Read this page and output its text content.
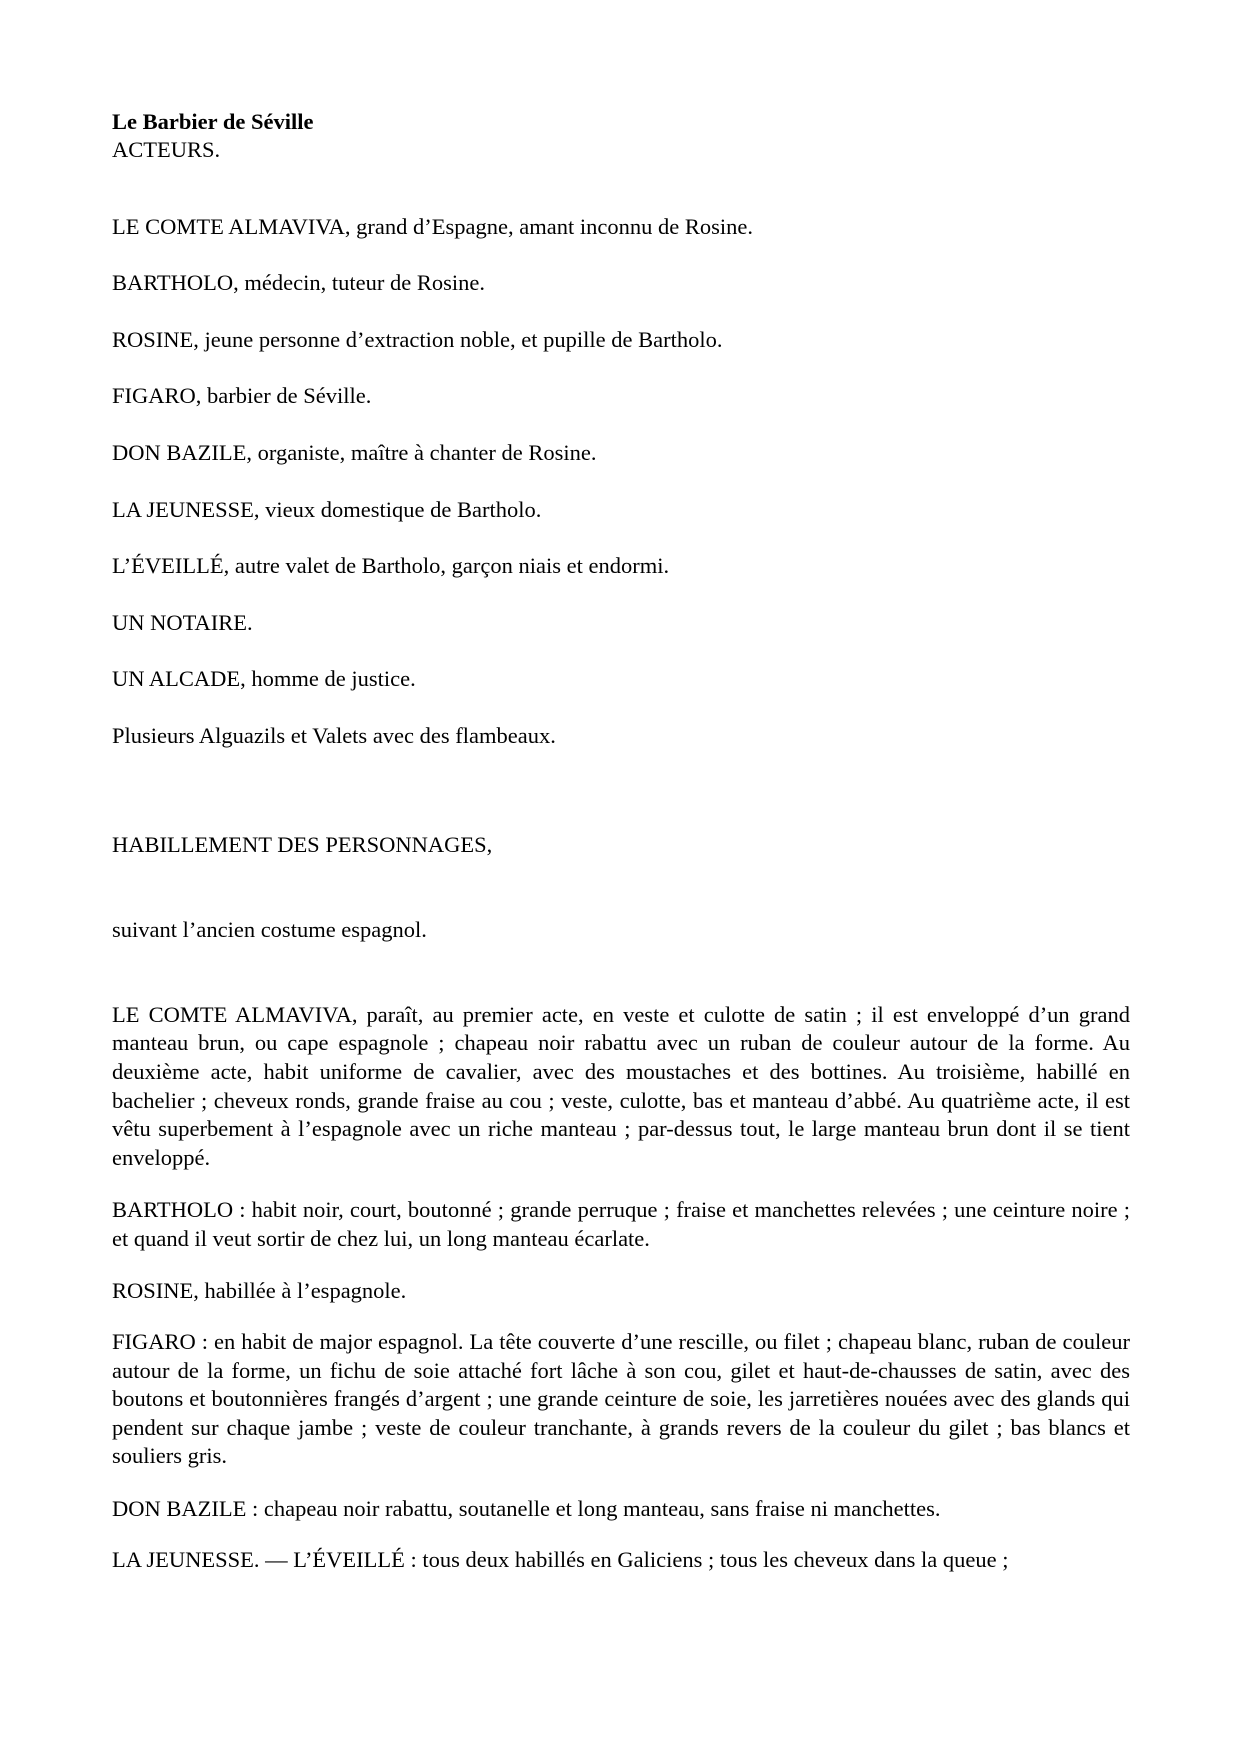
Le Barbier de Séville

ACTEURS.

LE COMTE ALMAVIVA, grand d’Espagne, amant inconnu de Rosine.

BARTHOLO, médecin, tuteur de Rosine.

ROSINE, jeune personne d’extraction noble, et pupille de Bartholo.

FIGARO, barbier de Séville.

DON BAZILE, organiste, maître à chanter de Rosine.

LA JEUNESSE, vieux domestique de Bartholo.

L’ÉVEILLÉ, autre valet de Bartholo, garçon niais et endormi.

UN NOTAIRE.

UN ALCADE, homme de justice.

Plusieurs Alguazils et Valets avec des flambeaux.

HABILLEMENT DES PERSONNAGES,

suivant l’ancien costume espagnol.

LE COMTE ALMAVIVA, paraît, au premier acte, en veste et culotte de satin ; il est enveloppé d’un grand manteau brun, ou cape espagnole ; chapeau noir rabattu avec un ruban de couleur autour de la forme. Au deuxième acte, habit uniforme de cavalier, avec des moustaches et des bottines. Au troisième, habillé en bachelier ; cheveux ronds, grande fraise au cou ; veste, culotte, bas et manteau d’abbé. Au quatrième acte, il est vêtu superbement à l’espagnole avec un riche manteau ; par-dessus tout, le large manteau brun dont il se tient enveloppé.

BARTHOLO : habit noir, court, boutonné ; grande perruque ; fraise et manchettes relevées ; une ceinture noire ; et quand il veut sortir de chez lui, un long manteau écarlate.

ROSINE, habillée à l’espagnole.

FIGARO : en habit de major espagnol. La tête couverte d’une rescille, ou filet ; chapeau blanc, ruban de couleur autour de la forme, un fichu de soie attaché fort lâche à son cou, gilet et haut-de-chausses de satin, avec des boutons et boutonnières frangés d’argent ; une grande ceinture de soie, les jarretières nouées avec des glands qui pendent sur chaque jambe ; veste de couleur tranchante, à grands revers de la couleur du gilet ; bas blancs et souliers gris.

DON BAZILE : chapeau noir rabattu, soutanelle et long manteau, sans fraise ni manchettes.

LA JEUNESSE. — L’ÉVEILLÉ : tous deux habillés en Galiciens ; tous les cheveux dans la queue ;
